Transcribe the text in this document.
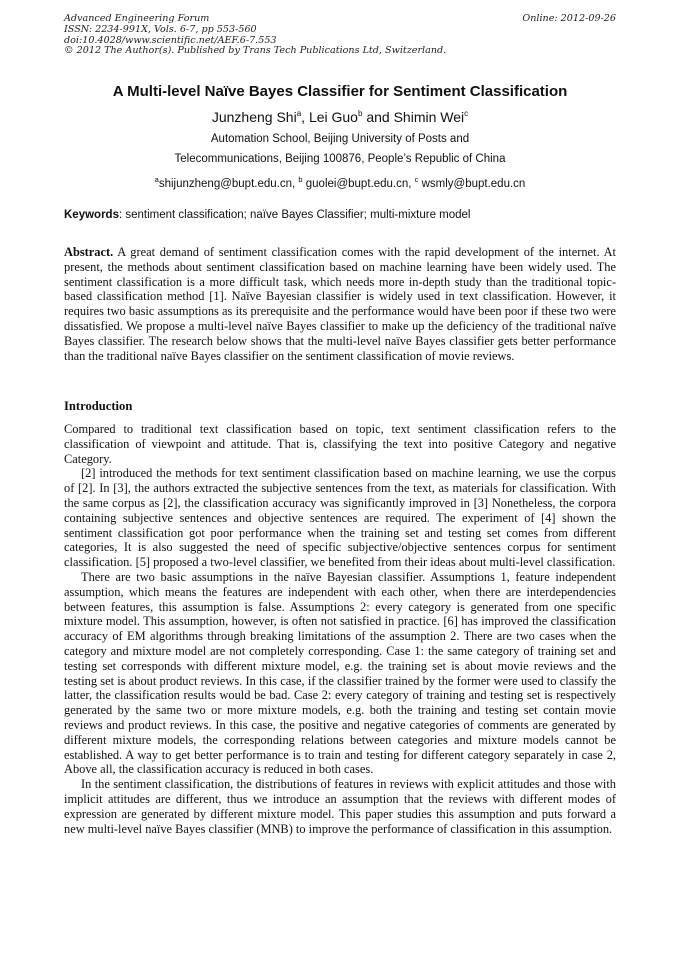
Advanced Engineering Forum
ISSN: 2234-991X, Vols. 6-7, pp 553-560
doi:10.4028/www.scientific.net/AEF.6-7.553
© 2012 The Author(s). Published by Trans Tech Publications Ltd, Switzerland.
Online: 2012-09-26
A Multi-level Naïve Bayes Classifier for Sentiment Classification
Junzheng Shi$^a$, Lei Guo$^b$ and Shimin Wei$^c$
Automation School, Beijing University of Posts and
Telecommunications, Beijing 100876, People’s Republic of China
$^a$shijunzheng@bupt.edu.cn, $^b$ guolei@bupt.edu.cn, $^c$ wsmly@bupt.edu.cn
Keywords: sentiment classification; naïve Bayes Classifier; multi-mixture model
Abstract. A great demand of sentiment classification comes with the rapid development of the internet. At present, the methods about sentiment classification based on machine learning have been widely used. The sentiment classification is a more difficult task, which needs more in-depth study than the traditional topic-based classification method [1]. Naïve Bayesian classifier is widely used in text classification. However, it requires two basic assumptions as its prerequisite and the performance would have been poor if these two were dissatisfied. We propose a multi-level naïve Bayes classifier to make up the deficiency of the traditional naïve Bayes classifier. The research below shows that the multi-level naïve Bayes classifier gets better performance than the traditional naïve Bayes classifier on the sentiment classification of movie reviews.
Introduction

Compared to traditional text classification based on topic, text sentiment classification refers to the classification of viewpoint and attitude. That is, classifying the text into positive Category and negative Category.

[2] introduced the methods for text sentiment classification based on machine learning, we use the corpus of [2]. In [3], the authors extracted the subjective sentences from the text, as materials for classification. With the same corpus as [2], the classification accuracy was significantly improved in [3] Nonetheless, the corpora containing subjective sentences and objective sentences are required. The experiment of [4] shown the sentiment classification got poor performance when the training set and testing set comes from different categories, It is also suggested the need of specific subjective/objective sentences corpus for sentiment classification. [5] proposed a two-level classifier, we benefited from their ideas about multi-level classification.

There are two basic assumptions in the naïve Bayesian classifier. Assumptions 1, feature independent assumption, which means the features are independent with each other, when there are interdependencies between features, this assumption is false. Assumptions 2: every category is generated from one specific mixture model. This assumption, however, is often not satisfied in practice. [6] has improved the classification accuracy of EM algorithms through breaking limitations of the assumption 2. There are two cases when the category and mixture model are not completely corresponding. Case 1: the same category of training set and testing set corresponds with different mixture model, e.g. the training set is about movie reviews and the testing set is about product reviews. In this case, if the classifier trained by the former were used to classify the latter, the classification results would be bad. Case 2: every category of training and testing set is respectively generated by the same two or more mixture models, e.g. both the training and testing set contain movie reviews and product reviews. In this case, the positive and negative categories of comments are generated by different mixture models, the corresponding relations between categories and mixture models cannot be established. A way to get better performance is to train and testing for different category separately in case 2, Above all, the classification accuracy is reduced in both cases.

In the sentiment classification, the distributions of features in reviews with explicit attitudes and those with implicit attitudes are different, thus we introduce an assumption that the reviews with different modes of expression are generated by different mixture model. This paper studies this assumption and puts forward a new multi-level naïve Bayes classifier (MNB) to improve the performance of classification in this assumption.
